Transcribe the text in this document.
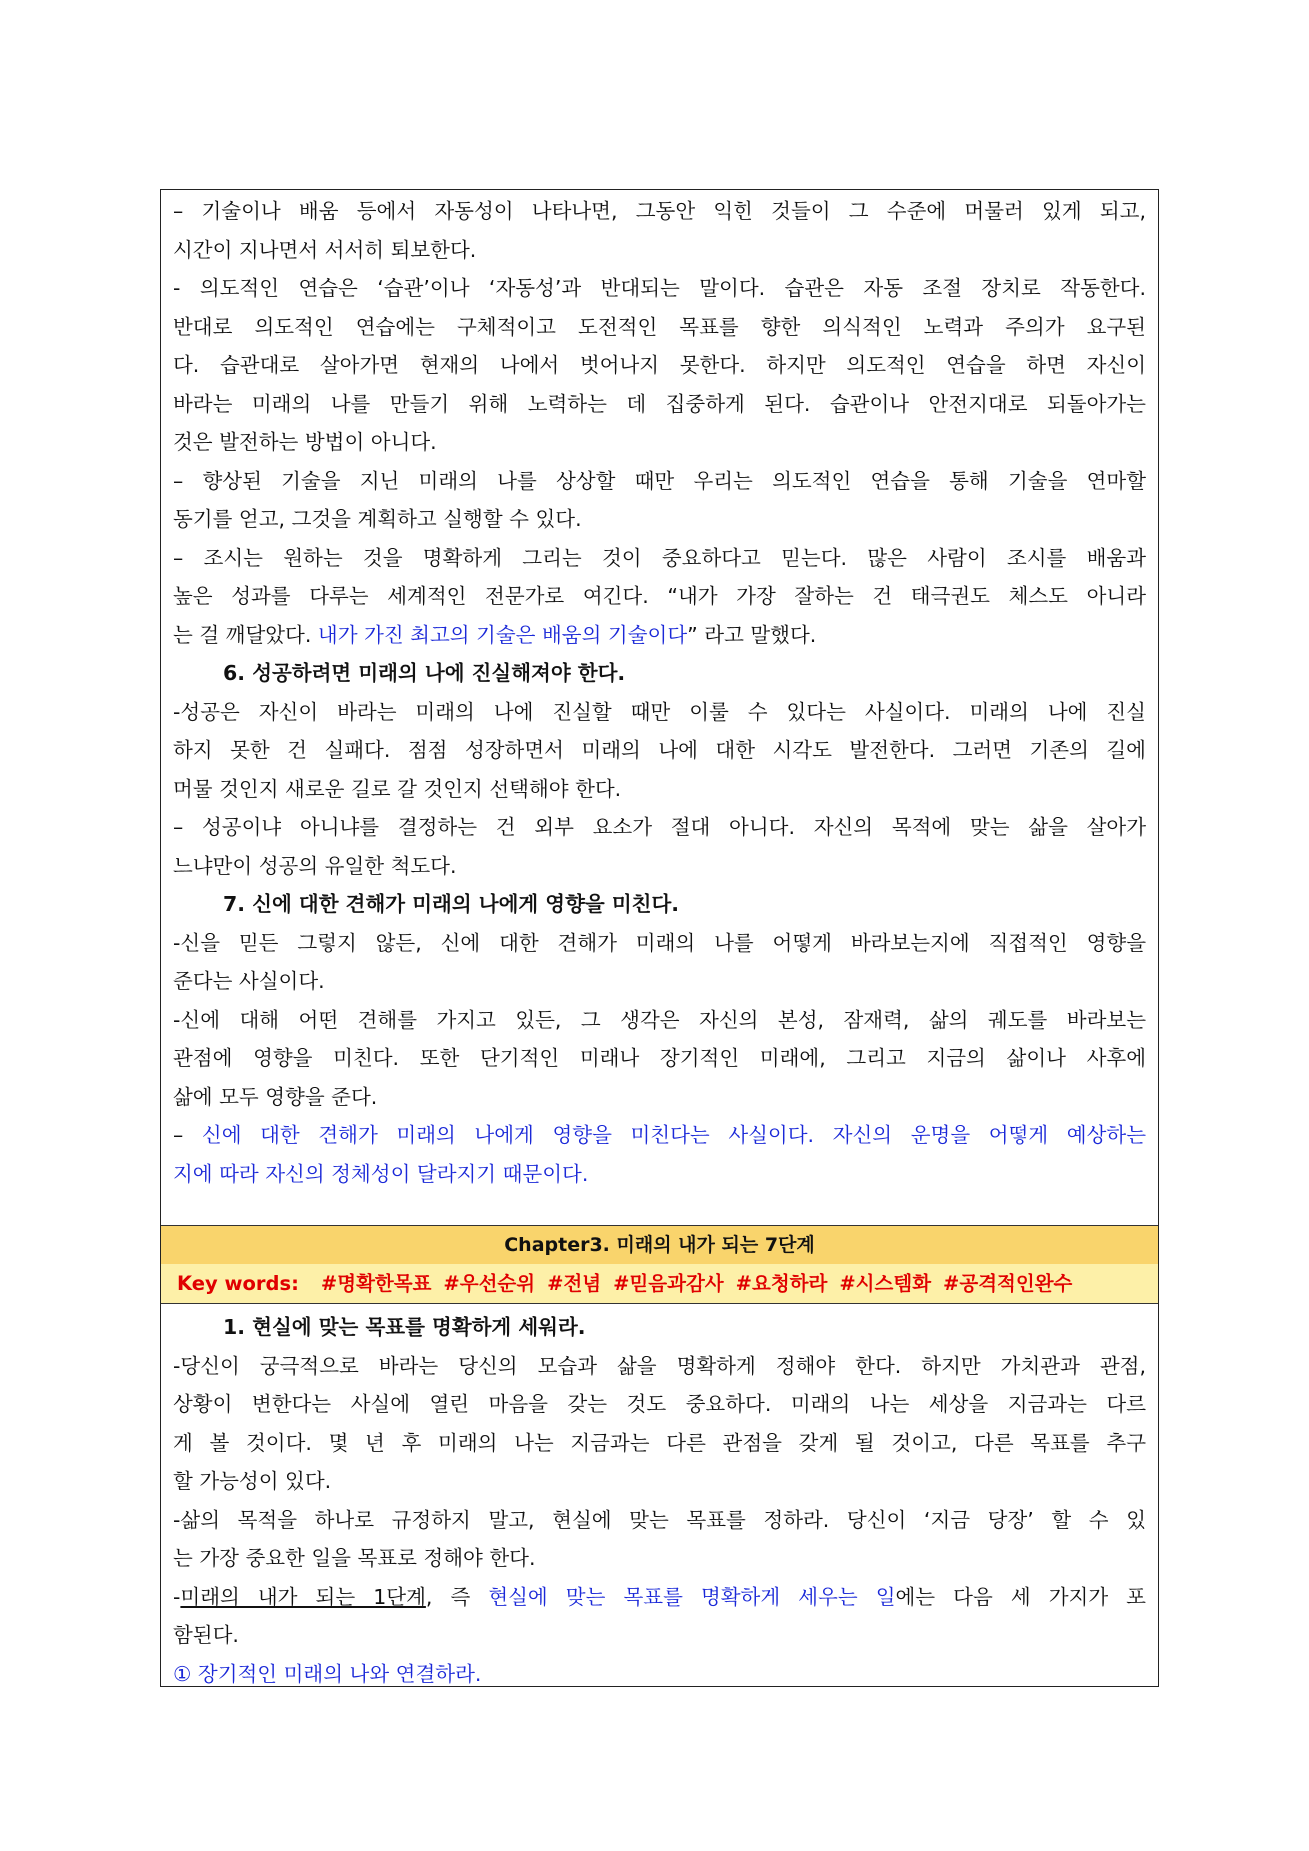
– 기술이나 배움 등에서 자동성이 나타나면, 그동안 익힌 것들이 그 수준에 머물러 있게 되고,
시간이 지나면서 서서히 퇴보한다.
- 의도적인 연습은 ‘습관’이나 ‘자동성’과 반대되는 말이다. 습관은 자동 조절 장치로 작동한다.
반대로 의도적인 연습에는 구체적이고 도전적인 목표를 향한 의식적인 노력과 주의가 요구된
다. 습관대로 살아가면 현재의 나에서 벗어나지 못한다. 하지만 의도적인 연습을 하면 자신이
바라는 미래의 나를 만들기 위해 노력하는 데 집중하게 된다. 습관이나 안전지대로 되돌아가는
것은 발전하는 방법이 아니다.
– 향상된 기술을 지닌 미래의 나를 상상할 때만 우리는 의도적인 연습을 통해 기술을 연마할
동기를 얻고, 그것을 계획하고 실행할 수 있다.
– 조시는 원하는 것을 명확하게 그리는 것이 중요하다고 믿는다. 많은 사람이 조시를 배움과
높은 성과를 다루는 세계적인 전문가로 여긴다. “내가 가장 잘하는 건 태극권도 체스도 아니라
는 걸 깨달았다. 내가 가진 최고의 기술은 배움의 기술이다” 라고 말했다.
6. 성공하려면 미래의 나에 진실해져야 한다.
-성공은 자신이 바라는 미래의 나에 진실할 때만 이룰 수 있다는 사실이다. 미래의 나에 진실
하지 못한 건 실패다. 점점 성장하면서 미래의 나에 대한 시각도 발전한다. 그러면 기존의 길에
머물 것인지 새로운 길로 갈 것인지 선택해야 한다.
– 성공이냐 아니냐를 결정하는 건 외부 요소가 절대 아니다. 자신의 목적에 맞는 삶을 살아가
느냐만이 성공의 유일한 척도다.
7. 신에 대한 견해가 미래의 나에게 영향을 미친다.
-신을 믿든 그렇지 않든, 신에 대한 견해가 미래의 나를 어떻게 바라보는지에 직접적인 영향을
준다는 사실이다.
-신에 대해 어떤 견해를 가지고 있든, 그 생각은 자신의 본성, 잠재력, 삶의 궤도를 바라보는
관점에 영향을 미친다. 또한 단기적인 미래나 장기적인 미래에, 그리고 지금의 삶이나 사후에
삶에 모두 영향을 준다.
– 신에 대한 견해가 미래의 나에게 영향을 미친다는 사실이다. 자신의 운명을 어떻게 예상하는
지에 따라 자신의 정체성이 달라지기 때문이다.
Chapter3. 미래의 내가 되는 7단계
Key words: #명확한목표 #우선순위 #전념 #믿음과감사 #요청하라 #시스템화 #공격적인완수
1. 현실에 맞는 목표를 명확하게 세워라.
-당신이 궁극적으로 바라는 당신의 모습과 삶을 명확하게 정해야 한다. 하지만 가치관과 관점,
상황이 변한다는 사실에 열린 마음을 갖는 것도 중요하다. 미래의 나는 세상을 지금과는 다르
게 볼 것이다. 몇 년 후 미래의 나는 지금과는 다른 관점을 갖게 될 것이고, 다른 목표를 추구
할 가능성이 있다.
-삶의 목적을 하나로 규정하지 말고, 현실에 맞는 목표를 정하라. 당신이 ‘지금 당장’ 할 수 있
는 가장 중요한 일을 목표로 정해야 한다.
-미래의 내가 되는 1단계, 즉 현실에 맞는 목표를 명확하게 세우는 일에는 다음 세 가지가 포
함된다.
① 장기적인 미래의 나와 연결하라.
